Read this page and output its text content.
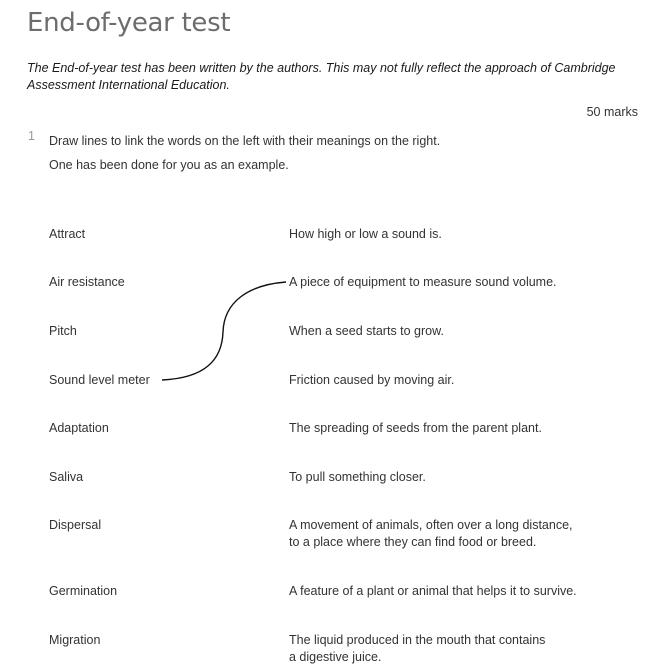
End-of-year test
The End-of-year test has been written by the authors. This may not fully reflect the approach of Cambridge Assessment International Education.
50 marks
1 Draw lines to link the words on the left with their meanings on the right.
One has been done for you as an example.
Attract
Air resistance
Pitch
Sound level meter
Adaptation
Saliva
Dispersal
Germination
Migration
How high or low a sound is.
A piece of equipment to measure sound volume.
When a seed starts to grow.
Friction caused by moving air.
The spreading of seeds from the parent plant.
To pull something closer.
A movement of animals, often over a long distance,
to a place where they can find food or breed.
A feature of a plant or animal that helps it to survive.
The liquid produced in the mouth that contains
a digestive juice.
